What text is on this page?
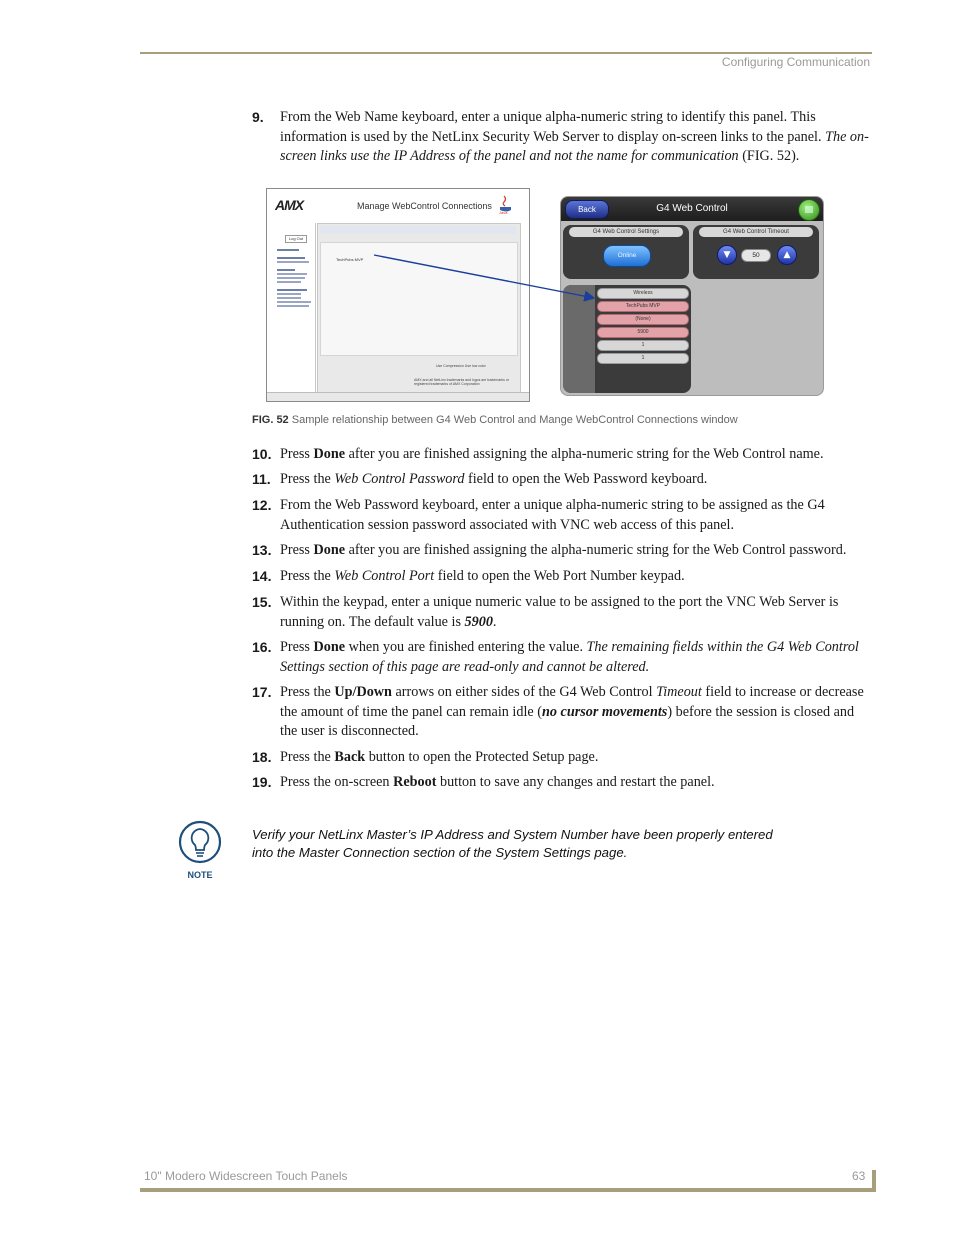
Configuring Communication
9. From the Web Name keyboard, enter a unique alpha-numeric string to identify this panel. This information is used by the NetLinx Security Web Server to display on-screen links to the panel. The on-screen links use the IP Address of the panel and not the name for communication (FIG. 52).
AMX	Manage WebControl Connections
Java
Log Out
TechPubs MVP
Use Compression Use low color
AMX and all NetLinx trademarks and logos are trademarks or registered trademarks of AMX Corporation
G4 Web Control
Back
G4 Web Control Settings
Online
G4 Web Control Timeout
▼	50	▲
Wireless
TechPubs MVP
(None)
5900
1
1
FIG. 52 Sample relationship between G4 Web Control and Mange WebControl Connections window
10. Press Done after you are finished assigning the alpha-numeric string for the Web Control name.
11. Press the Web Control Password field to open the Web Password keyboard.
12. From the Web Password keyboard, enter a unique alpha-numeric string to be assigned as the G4 Authentication session password associated with VNC web access of this panel.
13. Press Done after you are finished assigning the alpha-numeric string for the Web Control password.
14. Press the Web Control Port field to open the Web Port Number keypad.
15. Within the keypad, enter a unique numeric value to be assigned to the port the VNC Web Server is running on. The default value is 5900.
16. Press Done when you are finished entering the value. The remaining fields within the G4 Web Control Settings section of this page are read-only and cannot be altered.
17. Press the Up/Down arrows on either sides of the G4 Web Control Timeout field to increase or decrease the amount of time the panel can remain idle (no cursor movements) before the session is closed and the user is disconnected.
18. Press the Back button to open the Protected Setup page.
19. Press the on-screen Reboot button to save any changes and restart the panel.
NOTE
Verify your NetLinx Master’s IP Address and System Number have been properly entered into the Master Connection section of the System Settings page.
10" Modero Widescreen Touch Panels	63
